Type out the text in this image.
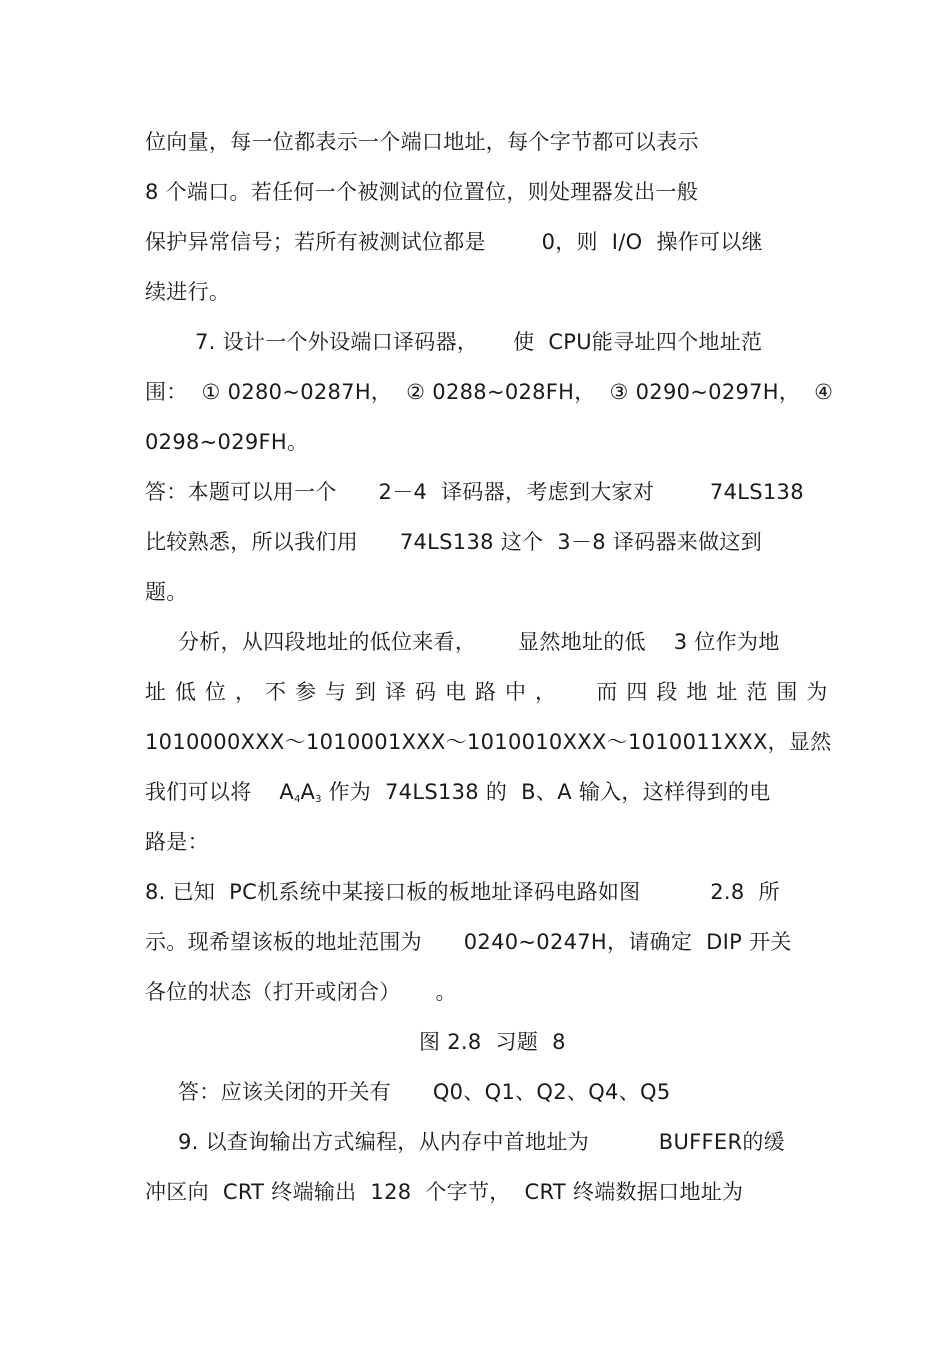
位向量，每一位都表示一个端口地址，每个字节都可以表示
8 个端口。若任何一个被测试的位置位，则处理器发出一般
保护异常信号；若所有被测试位都是        0，则  I/O  操作可以继
续进行。
7. 设计一个外设端口译码器，     使  CPU能寻址四个地址范
围：  ① 0280~0287H，  ② 0288~028FH，  ③ 0290~0297H，  ④
0298~029FH。
答：本题可以用一个      2－4  译码器，考虑到大家对        74LS138
比较熟悉，所以我们用      74LS138 这个  3－8 译码器来做这到
题。
分析，从四段地址的低位来看，      显然地址的低    3 位作为地
址低位，不参与到译码电路中，  而四段地址范围为
1010000XXX～1010001XXX～1010010XXX～1010011XXX，显然
我们可以将    $A_4A_3$ 作为  74LS138 的  B、A 输入，这样得到的电
路是：
8. 已知  PC机系统中某接口板的板地址译码电路如图          2.8  所
示。现希望该板的地址范围为      0240~0247H，请确定  DIP 开关
各位的状态（打开或闭合）     。
图 2.8  习题  8
答：应该关闭的开关有      Q0、Q1、Q2、Q4、Q5
9. 以查询输出方式编程，从内存中首地址为          BUFFER的缓
冲区向  CRT 终端输出  128  个字节，  CRT 终端数据口地址为
